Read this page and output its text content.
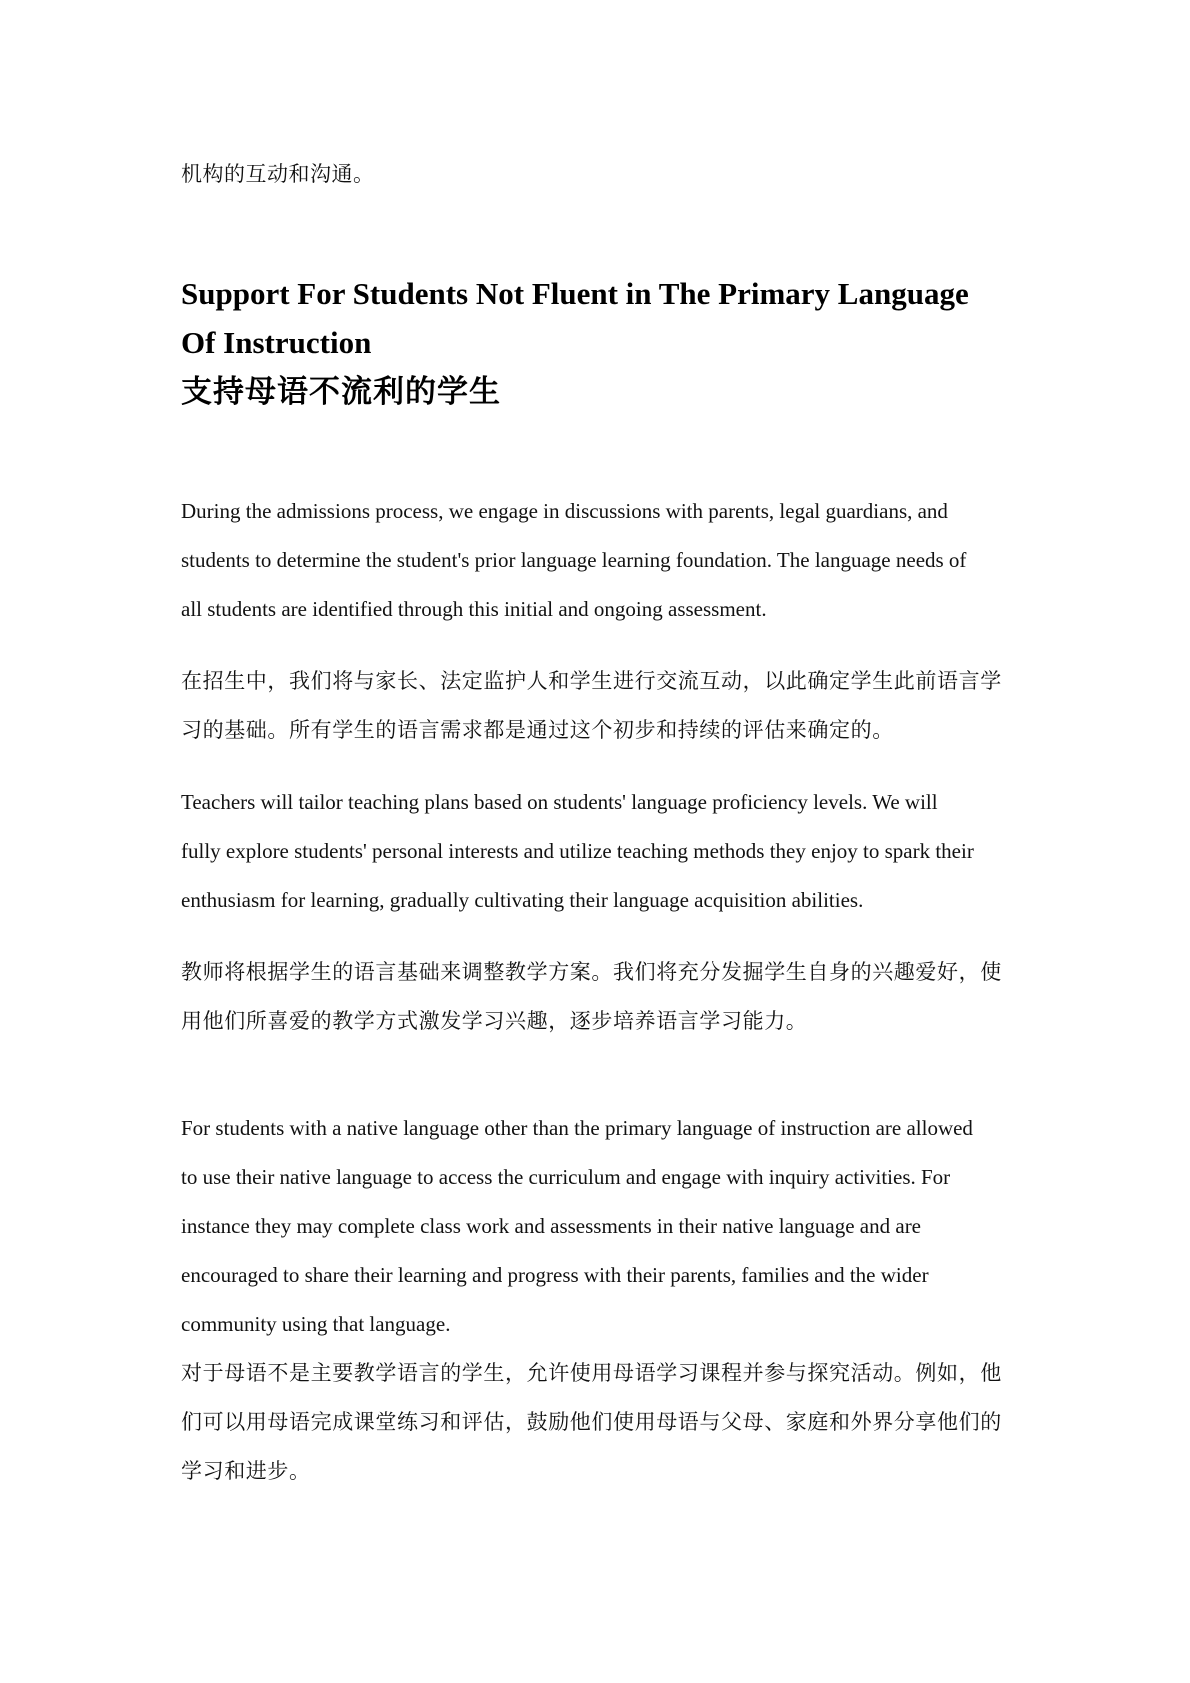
机构的互动和沟通。

Support For Students Not Fluent in The Primary Language

Of Instruction

支持母语不流利的学生

During the admissions process, we engage in discussions with parents, legal guardians, and

students to determine the student's prior language learning foundation. The language needs of

all students are identified through this initial and ongoing assessment.

在招生中，我们将与家长、法定监护人和学生进行交流互动，以此确定学生此前语言学

习的基础。所有学生的语言需求都是通过这个初步和持续的评估来确定的。

Teachers will tailor teaching plans based on students' language proficiency levels. We will

fully explore students' personal interests and utilize teaching methods they enjoy to spark their

enthusiasm for learning, gradually cultivating their language acquisition abilities.

教师将根据学生的语言基础来调整教学方案。我们将充分发掘学生自身的兴趣爱好，使

用他们所喜爱的教学方式激发学习兴趣，逐步培养语言学习能力。

For students with a native language other than the primary language of instruction are allowed

to use their native language to access the curriculum and engage with inquiry activities. For

instance they may complete class work and assessments in their native language and are

encouraged to share their learning and progress with their parents, families and the wider

community using that language.

对于母语不是主要教学语言的学生，允许使用母语学习课程并参与探究活动。例如，他

们可以用母语完成课堂练习和评估，鼓励他们使用母语与父母、家庭和外界分享他们的

学习和进步。
